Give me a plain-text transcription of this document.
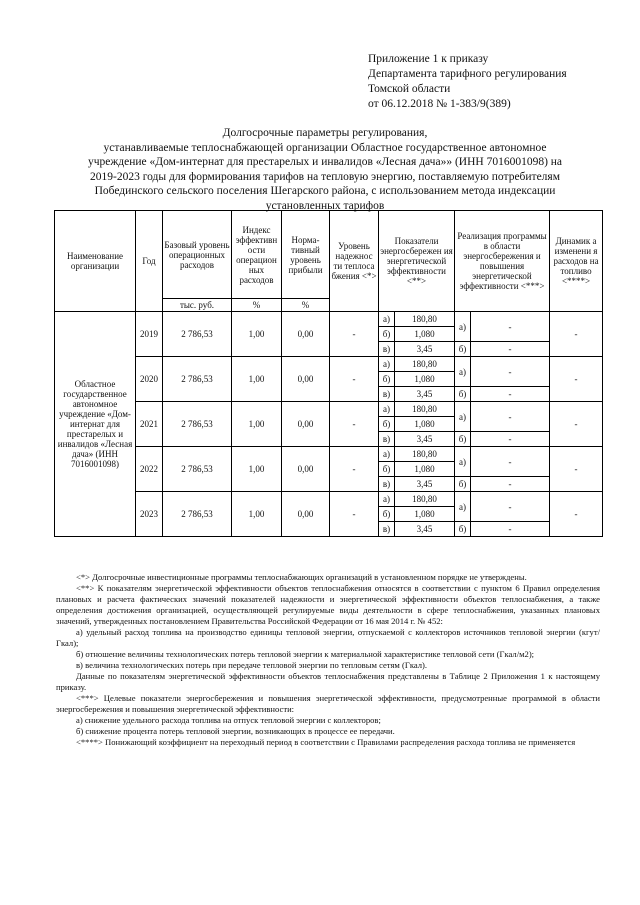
Приложение 1 к приказу
Департамента тарифного регулирования
Томской области
от 06.12.2018 № 1-383/9(389)
Долгосрочные параметры регулирования,
устанавливаемые теплоснабжающей организации Областное государственное автономное
учреждение «Дом-интернат для престарелых и инвалидов «Лесная дача»» (ИНН 7016001098) на
2019-2023 годы для формирования тарифов на тепловую энергию, поставляемую потребителям
Побединского сельского поселения Шегарского района, с использованием метода индексации
установленных тарифов
Наименование организации	Год	Базовый уровень операционных расходов	Индекс эффективн ости операцион ных расходов	Норма- тивный уровень прибыли	Уровень надежнос ти теплоса бжения <*>	Показатели энергосбережен ия энергетической эффективности <**>		Реализация программы в области энергосбережения и повышения энергетической эффективности <***>		Динамик а изменени я расходов на топливо <****>
		тыс. руб.	%	%						
Областное государственное автономное учреждение «Дом-интернат для престарелых и инвалидов «Лесная дача» (ИНН 7016001098)	2019	2 786,53	1,00	0,00	-	а)	180,80	а)	-	-
						б)	1,080			
						в)	3,45	б)	-	
	2020	2 786,53	1,00	0,00	-	а)	180,80	а)	-	-
						б)	1,080			
						в)	3,45	б)	-	
	2021	2 786,53	1,00	0,00	-	а)	180,80	а)	-	-
						б)	1,080			
						в)	3,45	б)	-	
	2022	2 786,53	1,00	0,00	-	а)	180,80	а)	-	-
						б)	1,080			
						в)	3,45	б)	-	
	2023	2 786,53	1,00	0,00	-	а)	180,80	а)	-	-
						б)	1,080			
						в)	3,45	б)	-	

<*> Долгосрочные инвестиционные программы теплоснабжающих организаций в установленном порядке не утверждены.

<**> К показателям энергетической эффективности объектов теплоснабжения относятся в соответствии с пунктом 6 Правил определения плановых и расчета фактических значений показателей надежности и энергетической эффективности объектов теплоснабжения, а также определения достижения организацией, осуществляющей регулируемые виды деятельности в сфере теплоснабжения, указанных плановых значений, утвержденных постановлением Правительства Российской Федерации от 16 мая 2014 г. № 452:

а) удельный расход топлива на производство единицы тепловой энергии, отпускаемой с коллекторов источников тепловой энергии (кгут/Гкал);

б) отношение величины технологических потерь тепловой энергии к материальной характеристике тепловой сети (Гкал/м2);

в) величина технологических потерь при передаче тепловой энергии по тепловым сетям (Гкал).

Данные по показателям энергетической эффективности объектов теплоснабжения представлены в Таблице 2 Приложения 1 к настоящему приказу.

<***> Целевые показатели энергосбережения и повышения энергетической эффективности, предусмотренные программой в области энергосбережения и повышения энергетической эффективности:

а) снижение удельного расхода топлива на отпуск тепловой энергии с коллекторов;

б) снижение процента потерь тепловой энергии, возникающих в процессе ее передачи.

<****> Понижающий коэффициент на переходный период в соответствии с Правилами распределения расхода топлива не применяется
